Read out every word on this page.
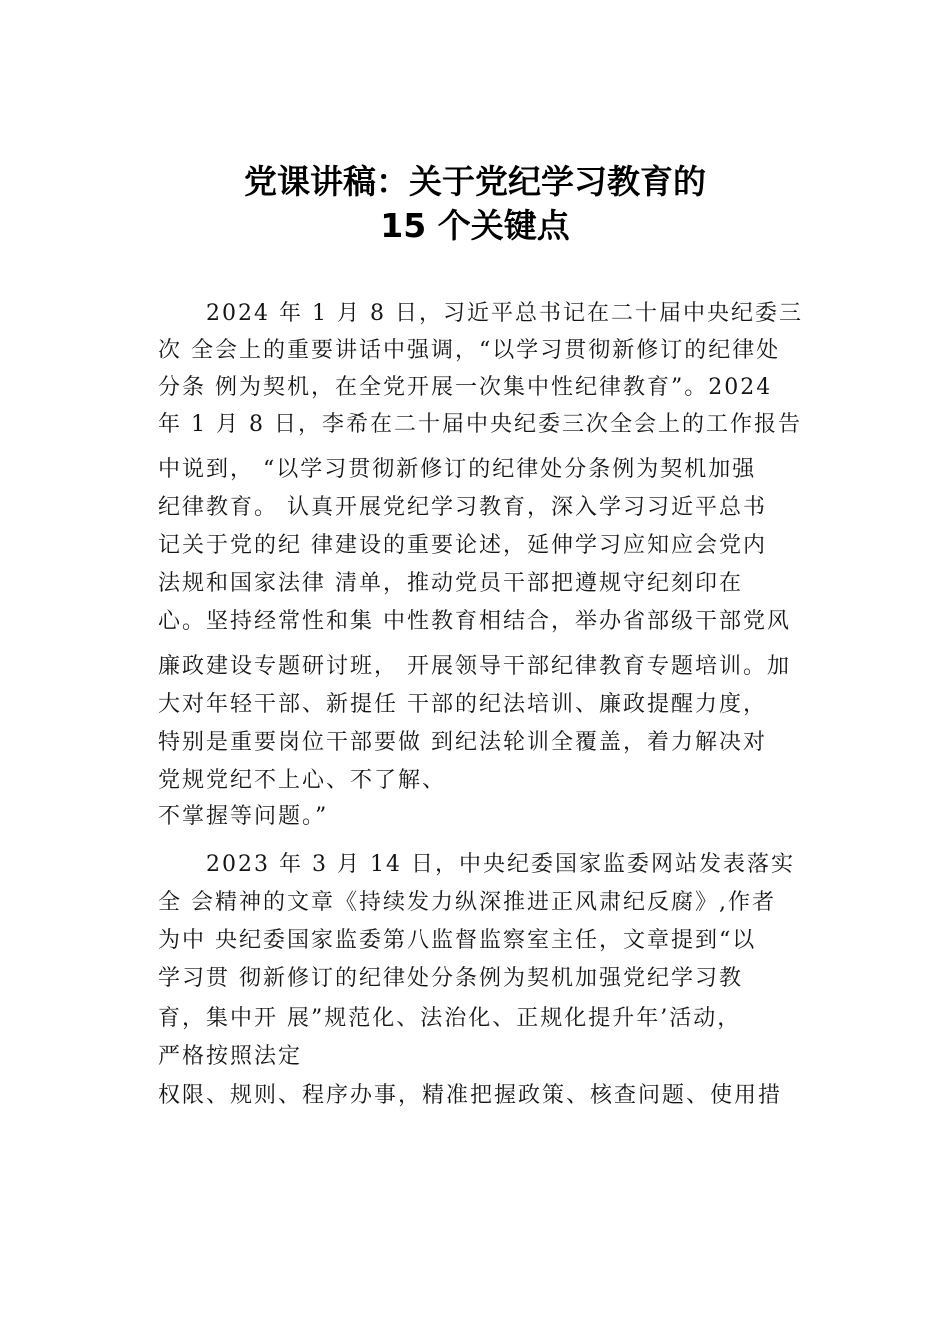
党课讲稿：关于党纪学习教育的
15 个关键点
2024 年 1 月 8 日，习近平总书记在二十届中央纪委三
次 全会上的重要讲话中强调，“以学习贯彻新修订的纪律处
分条 例为契机，在全党开展一次集中性纪律教育”。2024
年 1 月 8 日，李希在二十届中央纪委三次全会上的工作报告
中说到， “以学习贯彻新修订的纪律处分条例为契机加强
纪律教育。 认真开展党纪学习教育，深入学习习近平总书
记关于党的纪 律建设的重要论述，延伸学习应知应会党内
法规和国家法律 清单，推动党员干部把遵规守纪刻印在
心。坚持经常性和集 中性教育相结合，举办省部级干部党风
廉政建设专题研讨班， 开展领导干部纪律教育专题培训。加
大对年轻干部、新提任 干部的纪法培训、廉政提醒力度，
特别是重要岗位干部要做 到纪法轮训全覆盖，着力解决对
党规党纪不上心、不了解、
不掌握等问题。”
2023 年 3 月 14 日，中央纪委国家监委网站发表落实
全 会精神的文章《持续发力纵深推进正风肃纪反腐》,作者
为中 央纪委国家监委第八监督监察室主任，文章提到“以
学习贯 彻新修订的纪律处分条例为契机加强党纪学习教
育，集中开 展”规范化、法治化、正规化提升年’活动，
严格按照法定
权限、规则、程序办事，精准把握政策、核查问题、使用措
